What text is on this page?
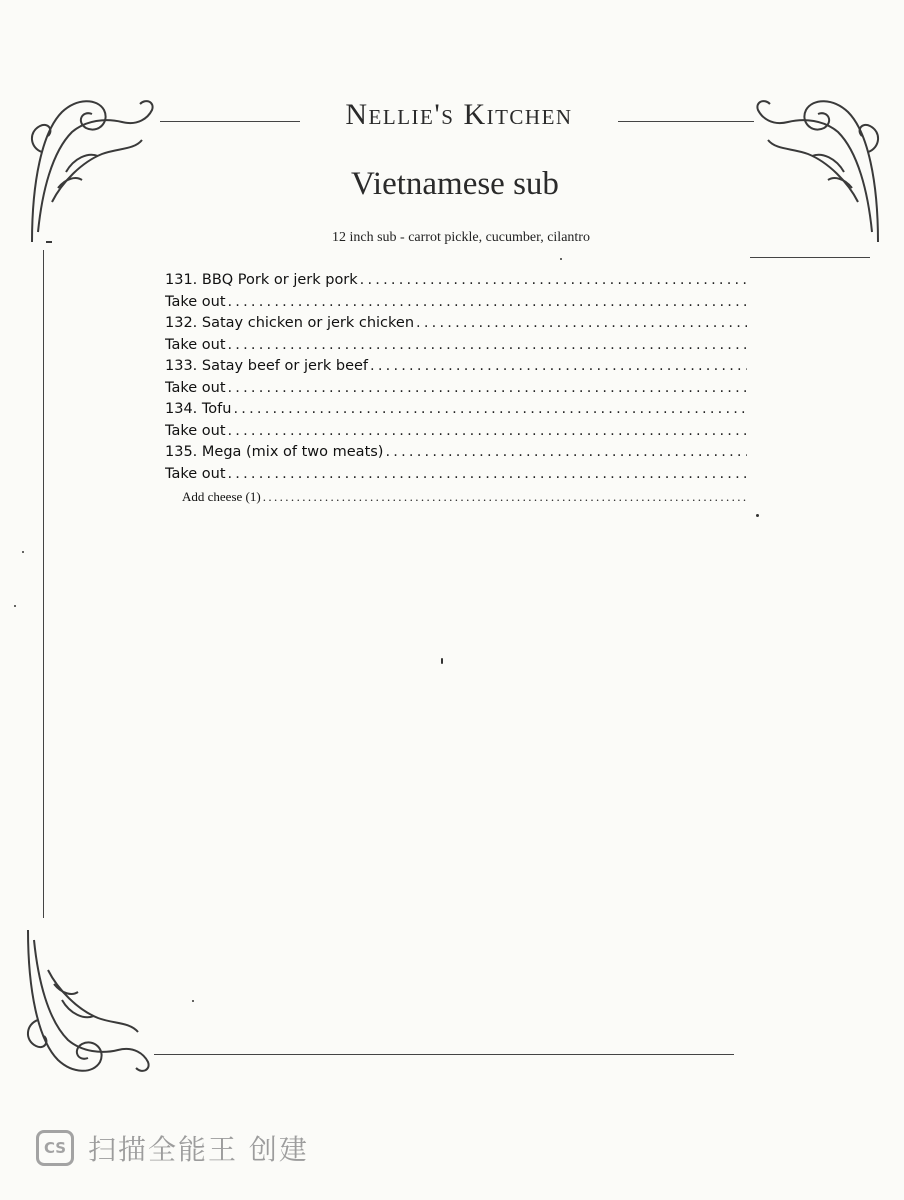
Nellie's Kitchen
Vietnamese sub
12 inch sub - carrot pickle, cucumber, cilantro
131. BBQ Pork or jerk pork
.....
Take out
.....
132. Satay chicken or jerk chicken
.....
Take out
.....
133. Satay beef or jerk beef
.....
Take out
.....
134. Tofu
.....
Take out
.....
135. Mega (mix of two meats)
.....
Take out
.....
Add cheese (1)
.....
CS 扫描全能王 创建
